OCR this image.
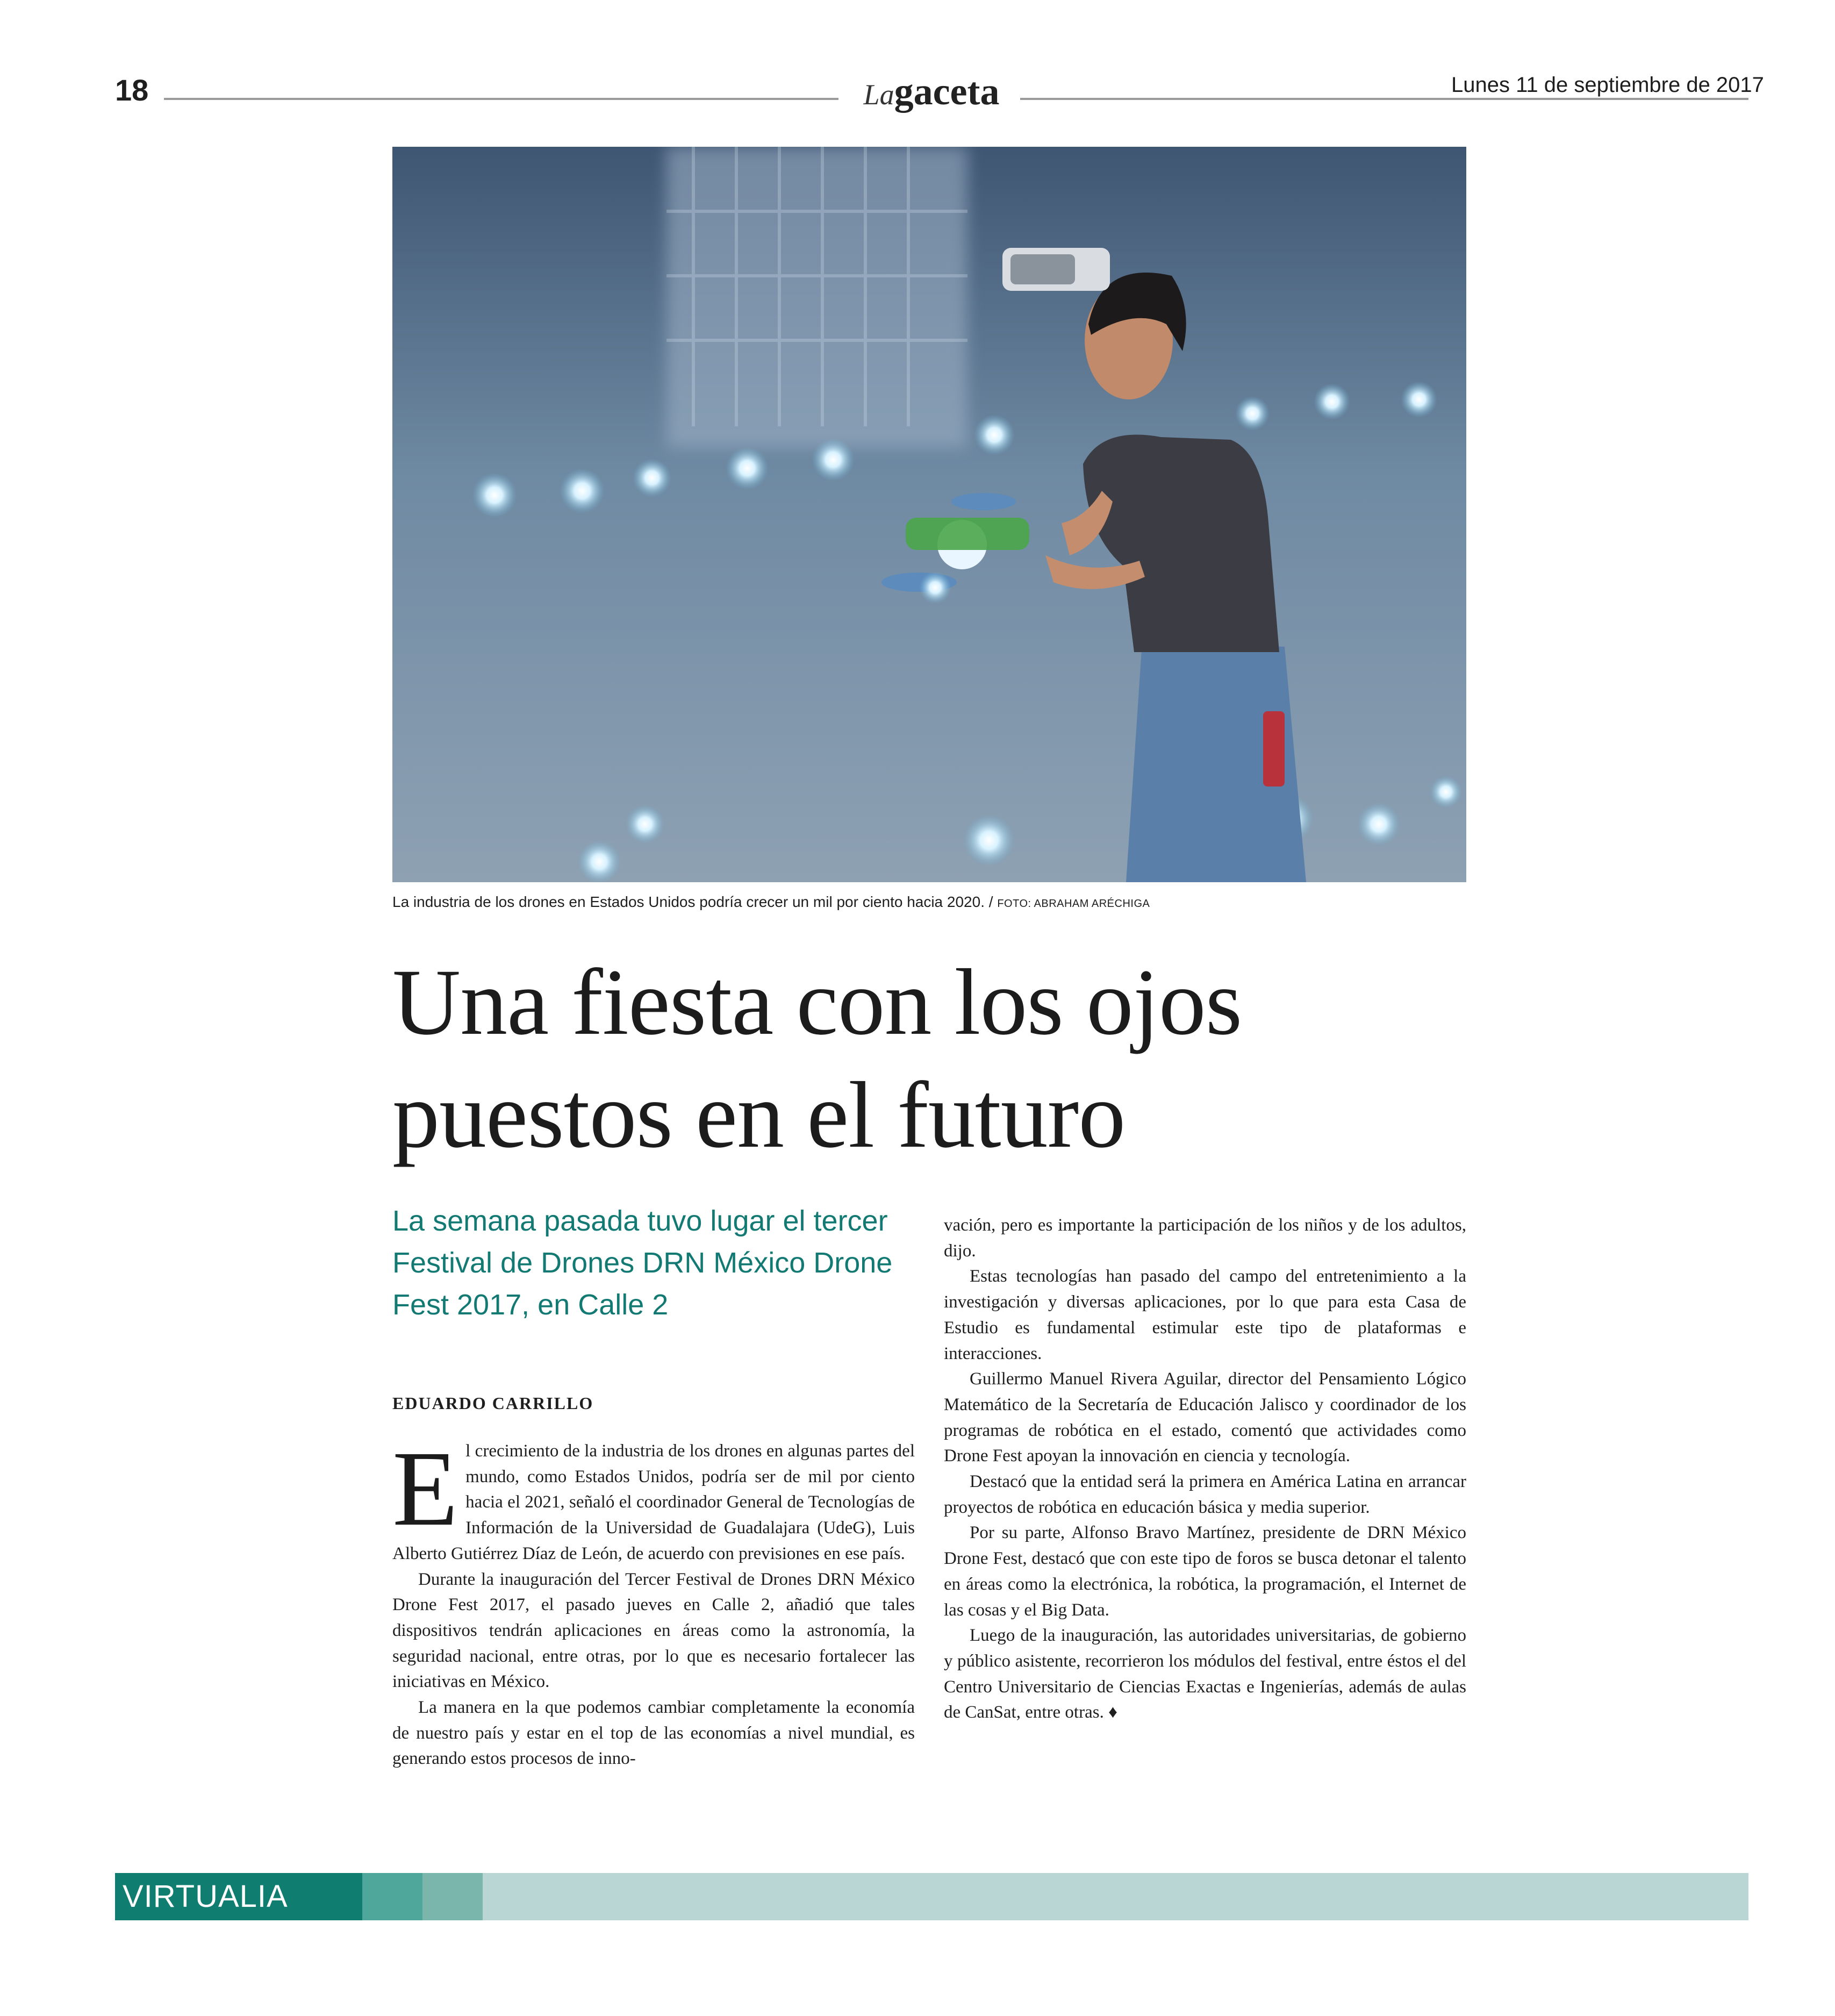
18	Lagaceta	Lunes 11 de septiembre de 2017
La industria de los drones en Estados Unidos podría crecer un mil por ciento hacia 2020. / FOTO: ABRAHAM ARÉCHIGA
Una fiesta con los ojos
puestos en el futuro
La semana pasada tuvo lugar el tercer Festival de Drones DRN México Drone Fest 2017, en Calle 2
EDUARDO CARRILLO

El crecimiento de la industria de los drones en algunas partes del mundo, como Estados Unidos, podría ser de mil por ciento hacia el 2021, señaló el coordinador General de Tecnologías de Información de la Universidad de Guadalajara (UdeG), Luis Alberto Gutiérrez Díaz de León, de acuerdo con previsiones en ese país.

Durante la inauguración del Tercer Festival de Drones DRN México Drone Fest 2017, el pasado jueves en Calle 2, añadió que tales dispositivos tendrán aplicaciones en áreas como la astronomía, la seguridad nacional, entre otras, por lo que es necesario fortalecer las iniciativas en México.

La manera en la que podemos cambiar completamente la economía de nuestro país y estar en el top de las economías a nivel mundial, es generando estos procesos de inno-

vación, pero es importante la participación de los niños y de los adultos, dijo.

Estas tecnologías han pasado del campo del entretenimiento a la investigación y diversas aplicaciones, por lo que para esta Casa de Estudio es fundamental estimular este tipo de plataformas e interacciones.

Guillermo Manuel Rivera Aguilar, director del Pensamiento Lógico Matemático de la Secretaría de Educación Jalisco y coordinador de los programas de robótica en el estado, comentó que actividades como Drone Fest apoyan la innovación en ciencia y tecnología.

Destacó que la entidad será la primera en América Latina en arrancar proyectos de robótica en educación básica y media superior.

Por su parte, Alfonso Bravo Martínez, presidente de DRN México Drone Fest, destacó que con este tipo de foros se busca detonar el talento en áreas como la electrónica, la robótica, la programación, el Internet de las cosas y el Big Data.

Luego de la inauguración, las autoridades universitarias, de gobierno y público asistente, recorrieron los módulos del festival, entre éstos el del Centro Universitario de Ciencias Exactas e Ingenierías, además de aulas de CanSat, entre otras. ♦

VIRTUALIA
